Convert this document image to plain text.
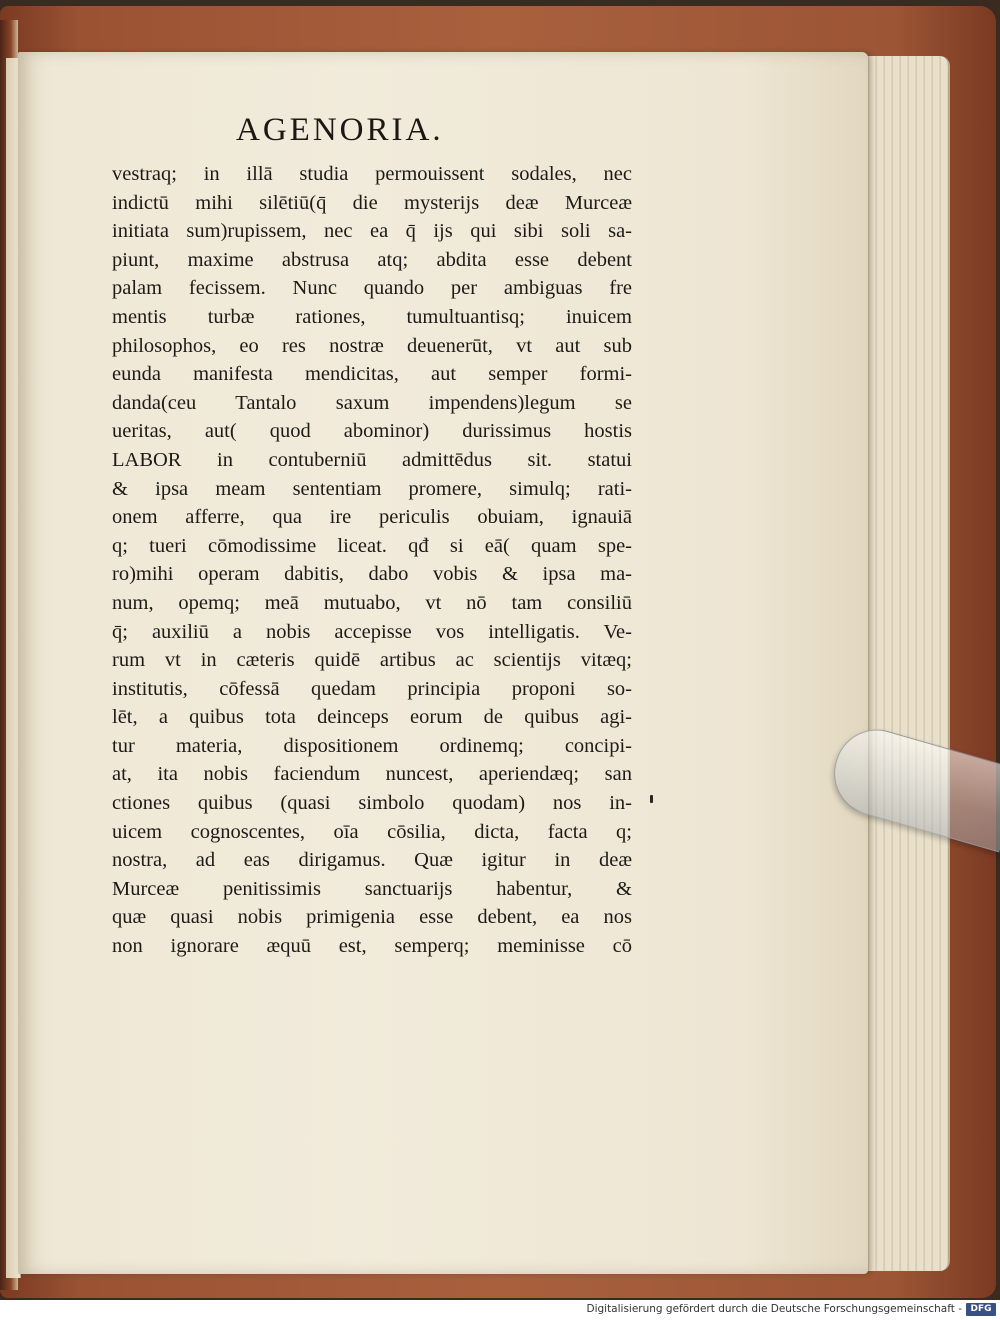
AGENORIA.
vestraq; in illā studia permouissent sodales, nec
indictū mihi silētiū(q̄ die mysterijs deæ Murceæ
initiata sum)rupissem, nec ea q̄ ĳs qui sibi soli sa-
piunt, maxime abstrusa atq; abdita esse debent
palam fecissem. Nunc quando per ambiguas fre
mentis turbæ rationes, tumultuantisq; inuicem
philosophos, eo res nostræ deuenerūt, vt aut sub
eunda manifesta mendicitas, aut semper formi-
danda(ceu Tantalo saxum impendens)legum se
ueritas, aut( quod abominor) durissimus hostis
LABOR in contuberniū admittēdus sit. statui
& ipsa meam sententiam promere, simulq; rati-
onem afferre, qua ire periculis obuiam, ignauiā
q; tueri cōmodissime liceat. qđ si eā( quam spe-
ro)mihi operam dabitis, dabo vobis & ipsa ma-
num, opemq; meā mutuabo, vt nō tam consiliū
q̄; auxiliū a nobis accepisse vos intelligatis. Ve-
rum vt in cæteris quidē artibus ac scientijs vitæq;
institutis, cōfessā quedam principia proponi so-
lēt, a quibus tota deinceps eorum de quibus agi-
tur materia, dispositionem ordinemq; concipi-
at, ita nobis faciendum nuncest, aperiendæq; san
ctiones quibus (quasi simbolo quodam) nos in-
uicem cognoscentes, oīa cōsilia, dicta, facta q;
nostra, ad eas dirigamus. Quæ igitur in deæ
Murceæ penitissimis sanctuarĳs habentur, &
quæ quasi nobis primigenia esse debent, ea nos
non ignorare æquū est, semperq; meminisse cō
Digitalisierung gefördert durch die Deutsche Forschungsgemeinschaft - DFG
